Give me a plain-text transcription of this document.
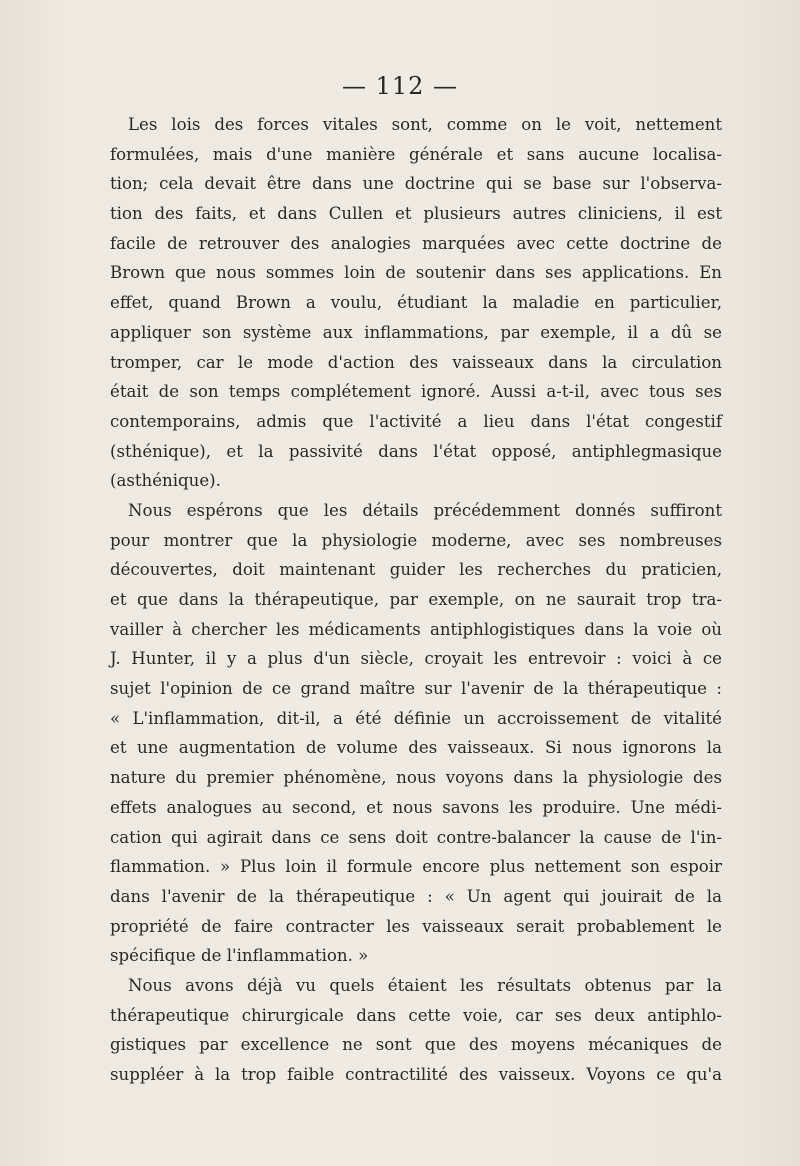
— 112 —
Les lois des forces vitales sont, comme on le voit, nettement
formulées, mais d'une manière générale et sans aucune localisa-
tion; cela devait être dans une doctrine qui se base sur l'observa-
tion des faits, et dans Cullen et plusieurs autres cliniciens, il est
facile de retrouver des analogies marquées avec cette doctrine de
Brown que nous sommes loin de soutenir dans ses applications. En
effet, quand Brown a voulu, étudiant la maladie en particulier,
appliquer son système aux inflammations, par exemple, il a dû se
tromper, car le mode d'action des vaisseaux dans la circulation
était de son temps complétement ignoré. Aussi a-t-il, avec tous ses
contemporains, admis que l'activité a lieu dans l'état congestif
(sthénique), et la passivité dans l'état opposé, antiphlegmasique
(asthénique).
Nous espérons que les détails précédemment donnés suffiront
pour montrer que la physiologie moderne, avec ses nombreuses
découvertes, doit maintenant guider les recherches du praticien,
et que dans la thérapeutique, par exemple, on ne saurait trop tra-
vailler à chercher les médicaments antiphlogistiques dans la voie où
J. Hunter, il y a plus d'un siècle, croyait les entrevoir : voici à ce
sujet l'opinion de ce grand maître sur l'avenir de la thérapeutique :
« L'inflammation, dit-il, a été définie un accroissement de vitalité
et une augmentation de volume des vaisseaux. Si nous ignorons la
nature du premier phénomène, nous voyons dans la physiologie des
effets analogues au second, et nous savons les produire. Une médi-
cation qui agirait dans ce sens doit contre-balancer la cause de l'in-
flammation. » Plus loin il formule encore plus nettement son espoir
dans l'avenir de la thérapeutique : « Un agent qui jouirait de la
propriété de faire contracter les vaisseaux serait probablement le
spécifique de l'inflammation. »
Nous avons déjà vu quels étaient les résultats obtenus par la
thérapeutique chirurgicale dans cette voie, car ses deux antiphlo-
gistiques par excellence ne sont que des moyens mécaniques de
suppléer à la trop faible contractilité des vaisseux. Voyons ce qu'a
